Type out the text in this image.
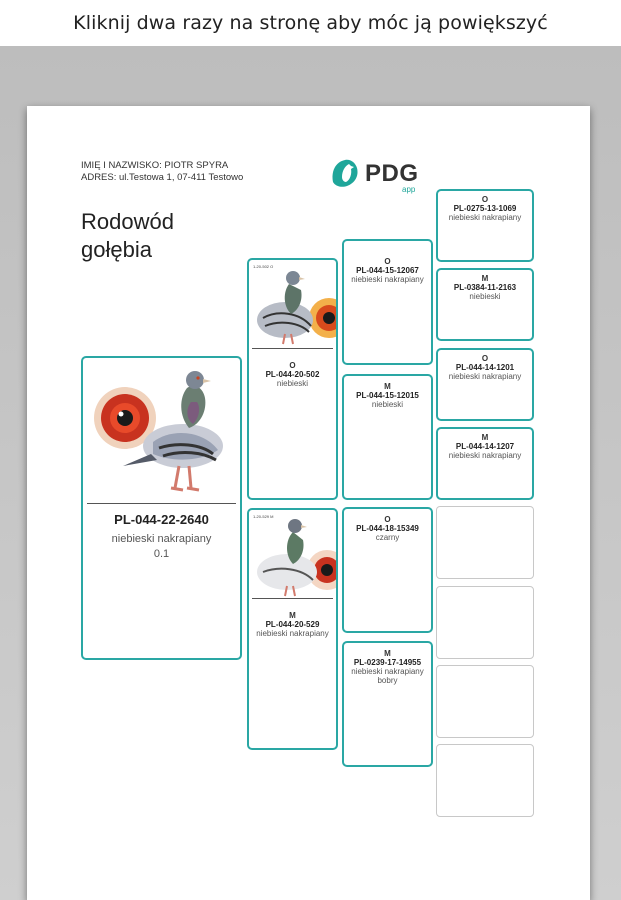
Kliknij dwa razy na stronę aby móc ją powiększyć
IMIĘ I NAZWISKO: PIOTR SPYRA
ADRES: ul.Testowa 1, 07-411 Testowo	PDG
app
Rodowód gołębia
PL-044-22-2640
niebieski nakrapiany
0.1
1-20-502 O
O
PL-044-20-502
niebieski
1-20-529 M
M
PL-044-20-529
niebieski nakrapiany
O
PL-044-15-12067
niebieski nakrapiany
M
PL-044-15-12015
niebieski
O
PL-044-18-15349
czarny
M
PL-0239-17-14955
niebieski nakrapiany
bobry
O
PL-0275-13-1069
niebieski nakrapiany
M
PL-0384-11-2163
niebieski
O
PL-044-14-1201
niebieski nakrapiany
M
PL-044-14-1207
niebieski nakrapiany
